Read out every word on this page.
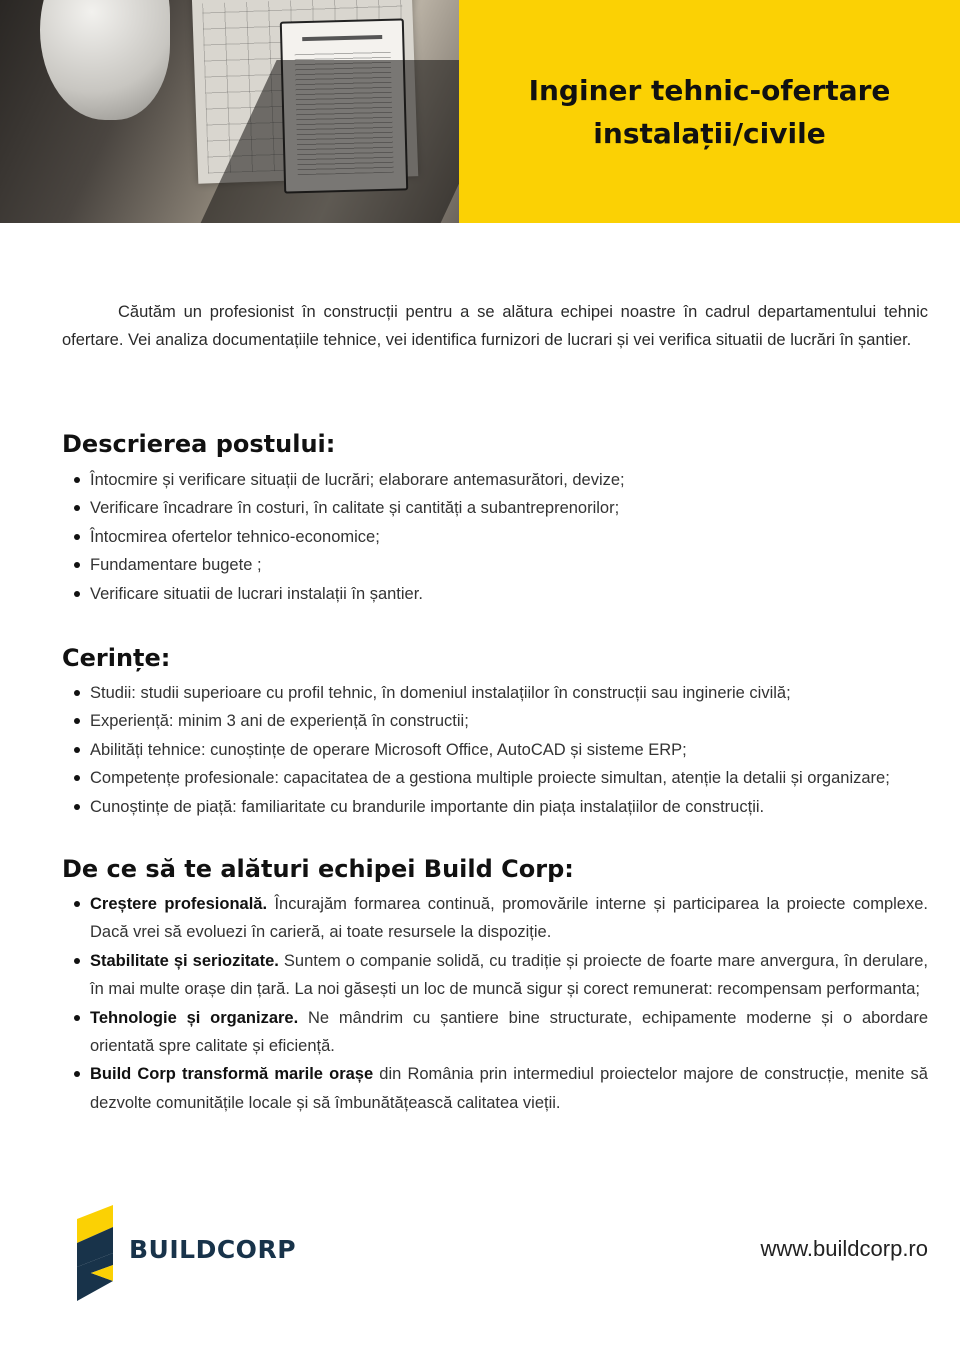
Inginer tehnic-ofertare
instalații/civile

Căutăm un profesionist în construcții pentru a se alătura echipei noastre în cadrul departamentului tehnic ofertare. Vei analiza documentațiile tehnice, vei identifica furnizori de lucrari și vei verifica situatii de lucrări în șantier.

Descrierea postului:
Întocmire și verificare situații de lucrări; elaborare antemasurători, devize;
Verificare încadrare în costuri, în calitate și cantități a subantreprenorilor;
Întocmirea ofertelor tehnico-economice;
Fundamentare bugete ;
Verificare situatii de lucrari instalații în șantier.
Cerințe:
Studii: studii superioare cu profil tehnic, în domeniul instalațiilor în construcții sau inginerie civilă;
Experiență: minim 3 ani de experiență în constructii;
Abilități tehnice: cunoștințe de operare Microsoft Office, AutoCAD și sisteme ERP;
Competențe profesionale: capacitatea de a gestiona multiple proiecte simultan, atenție la detalii și organizare;
Cunoștințe de piață: familiaritate cu brandurile importante din piața instalațiilor de construcții.
De ce să te alături echipei Build Corp:
Creștere profesională. Încurajăm formarea continuă, promovările interne și participarea la proiecte complexe. Dacă vrei să evoluezi în carieră, ai toate resursele la dispoziție.
Stabilitate și seriozitate. Suntem o companie solidă, cu tradiție și proiecte de foarte mare anvergura, în derulare, în mai multe orașe din țară. La noi găsești un loc de muncă sigur și corect remunerat: recompensam performanta;
Tehnologie și organizare. Ne mândrim cu șantiere bine structurate, echipamente moderne și o abordare orientată spre calitate și eficiență.
Build Corp transformă marile orașe din România prin intermediul proiectelor majore de construcție, menite să dezvolte comunitățile locale și să îmbunătățească calitatea vieții.
BUILDCORP	www.buildcorp.ro
